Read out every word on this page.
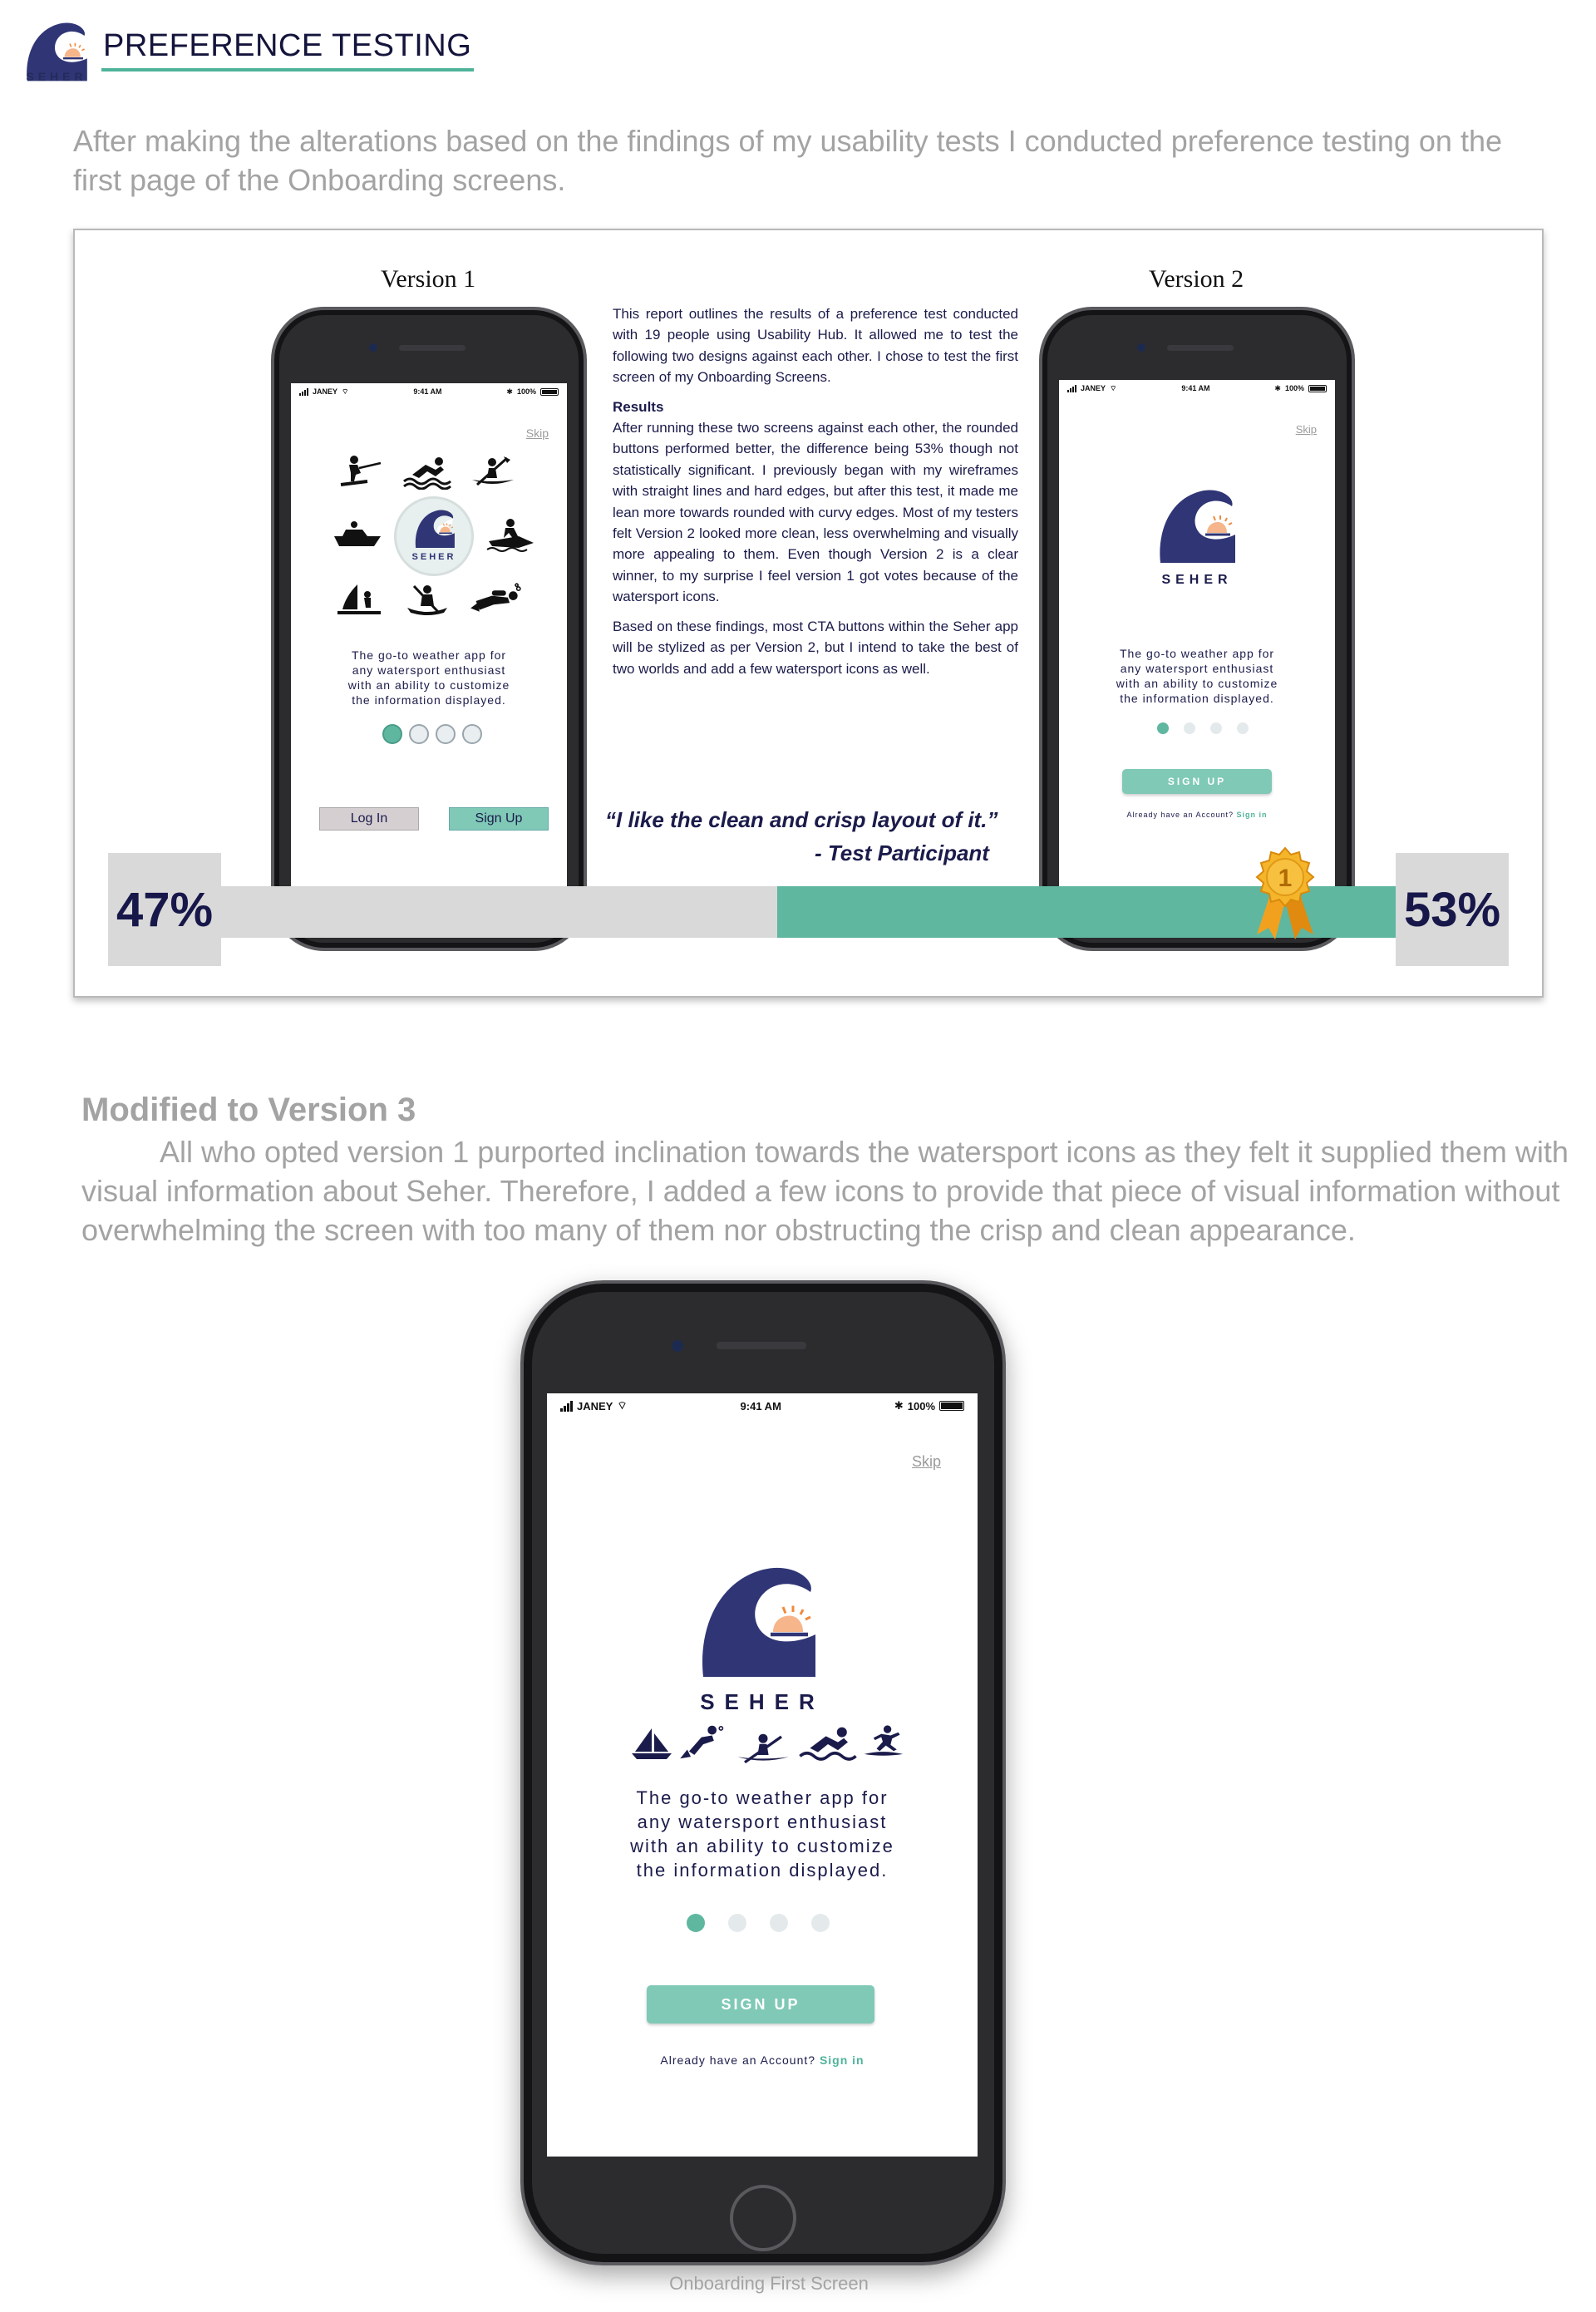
SEHER
PREFERENCE TESTING
After making the alterations based on the findings of my usability tests I conducted preference testing on the first page of the Onboarding screens.
Version 1	Version 2
JANEY ⌔	9:41 AM	✱ 100%
Skip
SEHER
The go-to weather app for
any watersport enthusiast
with an ability to customize
the information displayed.
Log In	Sign Up
JANEY ⌔	9:41 AM	✱ 100%
Skip
SEHER
The go-to weather app for
any watersport enthusiast
with an ability to customize
the information displayed.
SIGN UP
Already have an Account? Sign in

This report outlines the results of a preference test conducted with 19 people using Usability Hub. It allowed me to test the following two designs against each other. I chose to test the first screen of my Onboarding Screens.

Results

After running these two screens against each other, the rounded buttons performed better, the difference being 53% though not statistically significant. I previously began with my wireframes with straight lines and hard edges, but after this test, it made me lean more towards rounded with curvy edges. Most of my testers felt Version 2 looked more clean, less overwhelming and visually more appealing to them. Even though Version 2 is a clear winner, to my surprise I feel version 1 got votes because of the watersport icons.

Based on these findings, most CTA buttons within the Seher app will be stylized as per Version 2, but I intend to take the best of two worlds and add a few watersport icons as well.

“I like the clean and crisp layout of it.”
- Test Participant
47%	53%
1
Modified to Version 3
All who opted version 1 purported inclination towards the watersport icons as they felt it supplied them with visual information about Seher. Therefore, I added a few icons to provide that piece of visual information without overwhelming the screen with too many of them nor obstructing the crisp and clean appearance.
JANEY ⌔	9:41 AM	✱ 100%
Skip
SEHER
The go-to weather app for
any watersport enthusiast
with an ability to customize
the information displayed.
SIGN UP
Already have an Account? Sign in
Onboarding First Screen
